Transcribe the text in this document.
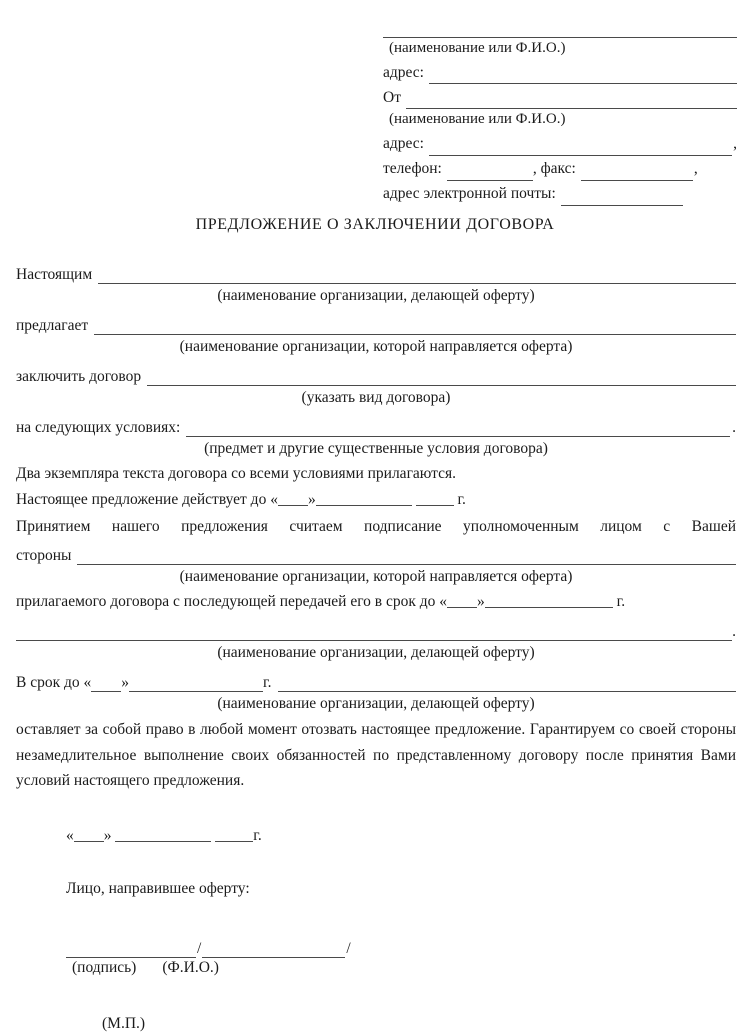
(наименование или Ф.И.О.)
адрес:
От
(наименование или Ф.И.О.)
адрес:	,
телефон:	, факс:	,
адрес электронной почты:
ПРЕДЛОЖЕНИЕ О ЗАКЛЮЧЕНИИ ДОГОВОРА
Настоящим
(наименование организации, делающей оферту)
предлагает
(наименование организации, которой направляется оферта)
заключить договор
(указать вид договора)
на следующих условиях:	.
(предмет и другие существенные условия договора)
Два экземпляра текста договора со всеми условиями прилагаются.
Настоящее предложение действует до « »	г.
Принятием нашего предложения считаем подписание уполномоченным лицом с Вашей
стороны
(наименование организации, которой направляется оферта)
прилагаемого договора с последующей передачей его в срок до « »	г.
.
(наименование организации, делающей оферту)
В срок до « »	г.
(наименование организации, делающей оферту)
оставляет за собой право в любой момент отозвать настоящее предложение. Гарантируем со своей стороны незамедлительное выполнение своих обязанностей по представленному договору после принятия Вами условий настоящего предложения.
« »	г.
Лицо, направившее оферту:
/	/
(подпись)	(Ф.И.О.)
(М.П.)
